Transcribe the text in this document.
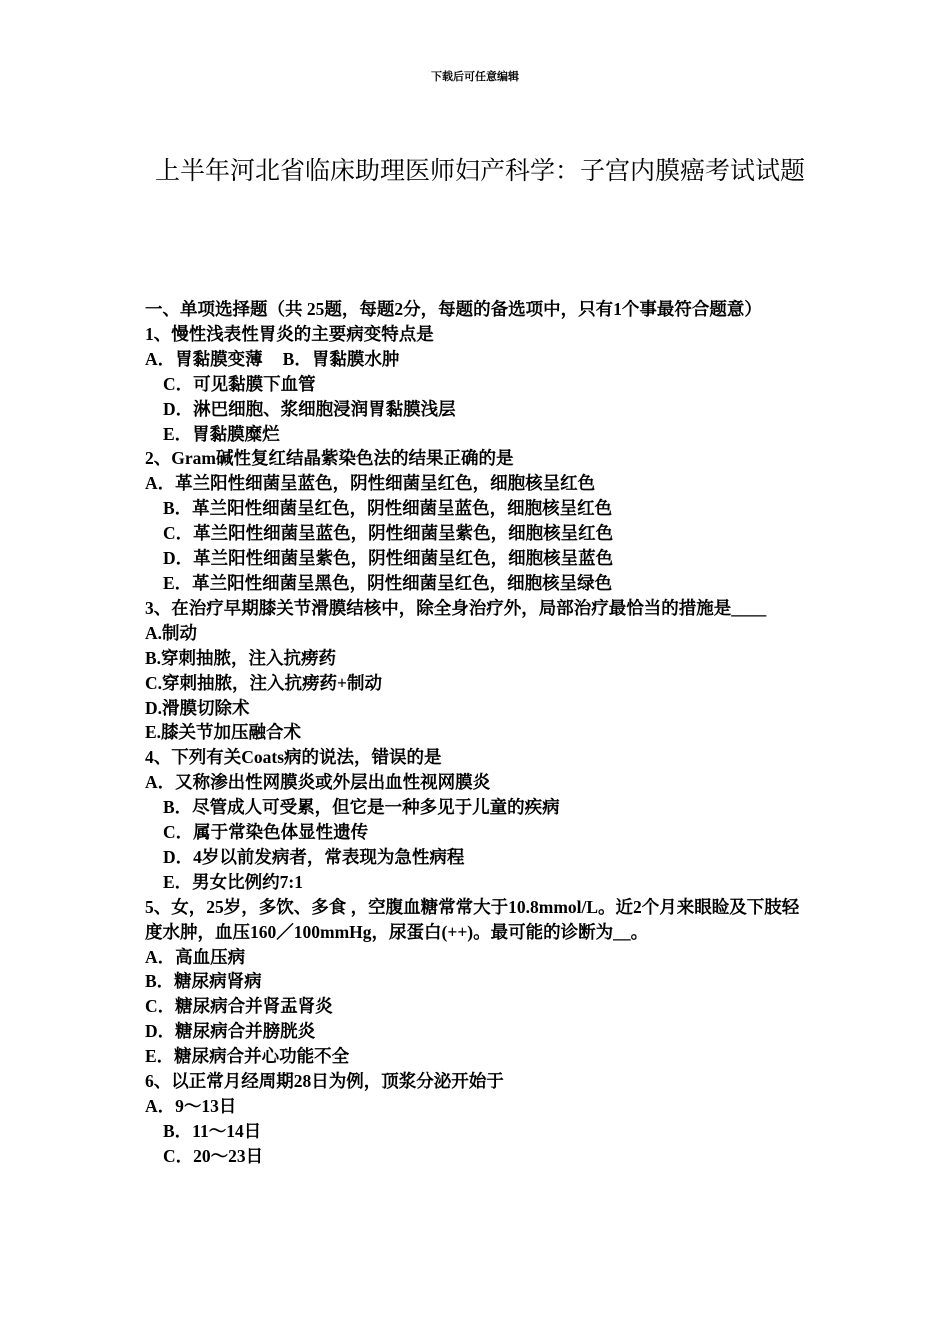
下载后可任意编辑
上半年河北省临床助理医师妇产科学：子宫内膜癌考试试题
一、单项选择题（共 25题，每题2分，每题的备选项中，只有1个事最符合题意）
1、慢性浅表性胃炎的主要病变特点是
A．胃黏膜变薄 B．胃黏膜水肿
C．可见黏膜下血管
D．淋巴细胞、浆细胞浸润胃黏膜浅层
E．胃黏膜糜烂
2、Gram碱性复红结晶紫染色法的结果正确的是
A．革兰阳性细菌呈蓝色，阴性细菌呈红色，细胞核呈红色
B．革兰阳性细菌呈红色，阴性细菌呈蓝色，细胞核呈红色
C．革兰阳性细菌呈蓝色，阴性细菌呈紫色，细胞核呈红色
D．革兰阳性细菌呈紫色，阴性细菌呈红色，细胞核呈蓝色
E．革兰阳性细菌呈黑色，阴性细菌呈红色，细胞核呈绿色
3、在治疗早期膝关节滑膜结核中，除全身治疗外，局部治疗最恰当的措施是____
A.制动
B.穿刺抽脓，注入抗痨药
C.穿刺抽脓，注入抗痨药+制动
D.滑膜切除术
E.膝关节加压融合术
4、下列有关Coats病的说法，错误的是
A．又称渗出性网膜炎或外层出血性视网膜炎
B．尽管成人可受累，但它是一种多见于儿童的疾病
C．属于常染色体显性遗传
D．4岁以前发病者，常表现为急性病程
E．男女比例约7:1
5、女，25岁，多饮、多食 ，空腹血糖常常大于10.8mmol/L。近2个月来眼睑及下肢轻度水肿，血压160／100mmHg，尿蛋白(++)。最可能的诊断为__。
A．高血压病
B．糖尿病肾病
C．糖尿病合并肾盂肾炎
D．糖尿病合并膀胱炎
E．糖尿病合并心功能不全
6、以正常月经周期28日为例，顶浆分泌开始于
A．9～13日
B．11～14日
C．20～23日
